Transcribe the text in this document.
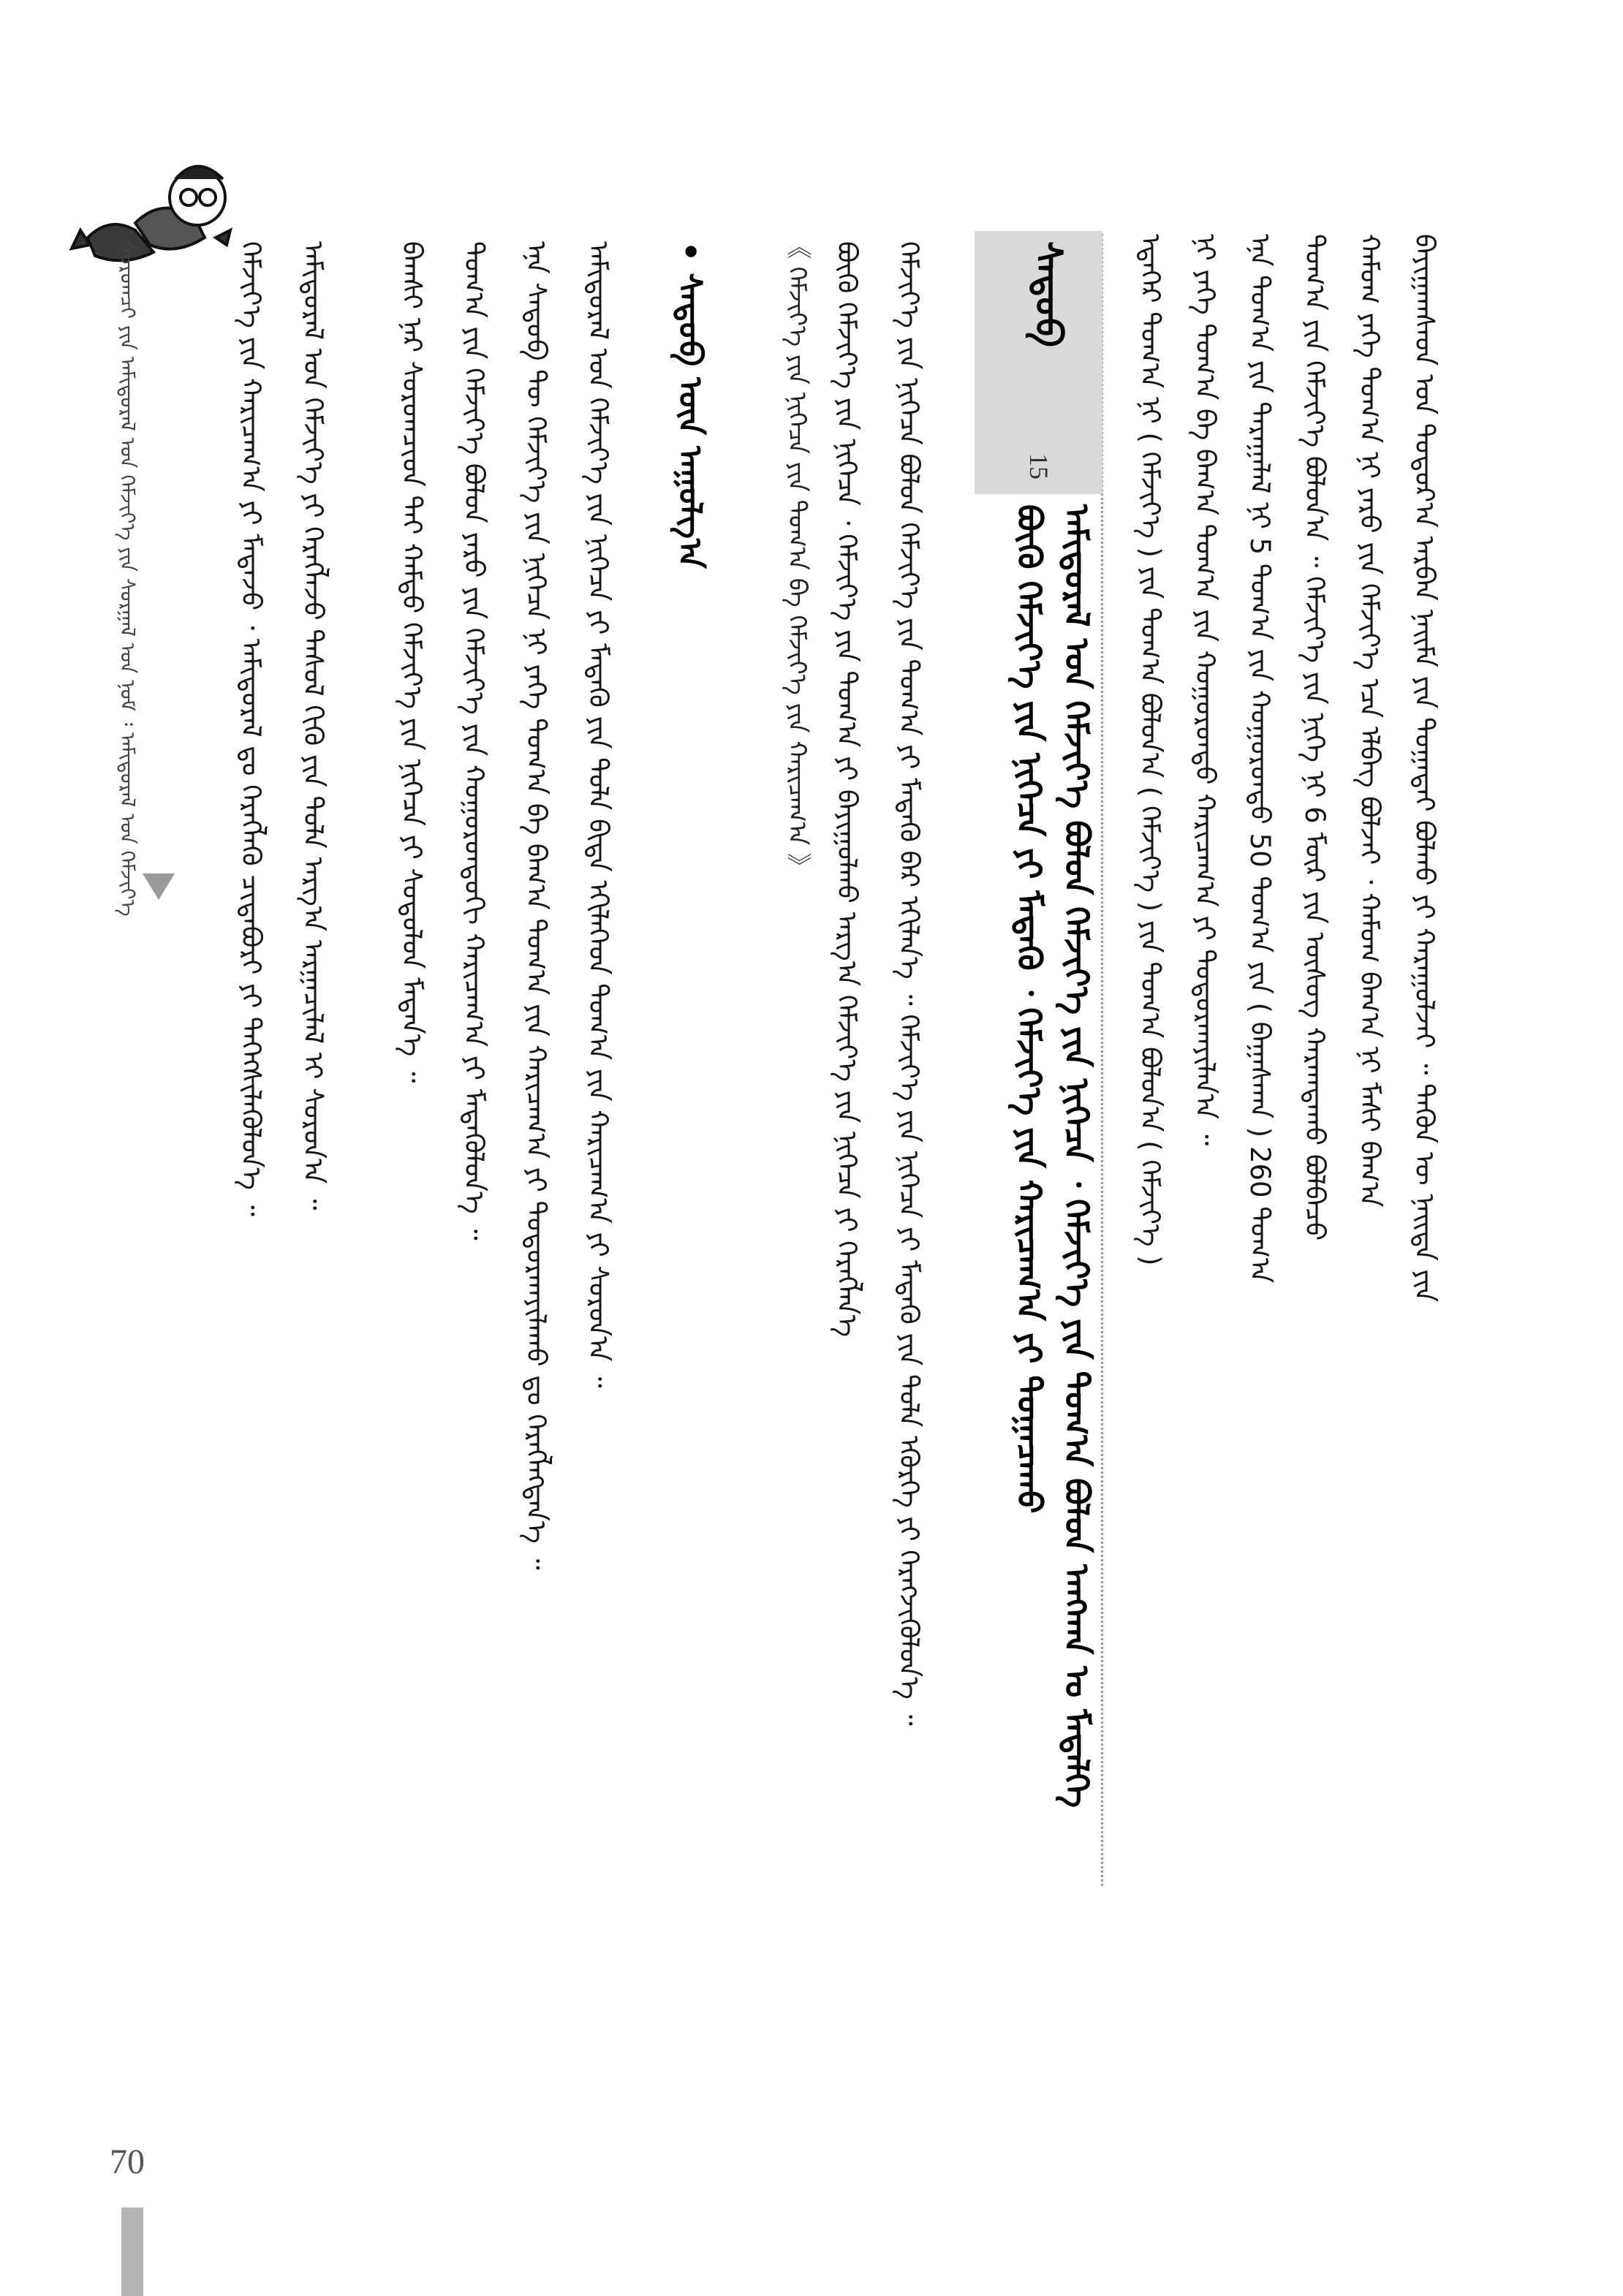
ᠪᠠᠶᠢᠭᠠᠭᠰᠠᠳ ᠤᠨ ᠳᠣᠲᠣᠷ᠎ᠠ ᠠᠷᠪᠠᠨ ᠨᠠᠢᠮᠠ ᠶᠢᠨ ᠲᠣᠭᠠᠲᠠᠢ ᠪᠣᠯᠬᠤ ᠶᠢ ᠬᠠᠷᠠᠭᠤᠯᠵᠠᠢ ᠃ ᠲᠡᠭᠦᠨ ᠦ ᠨᠡᠢᠲᠡ ᠶᠢᠨ
ᠬᠠᠮᠤᠭ ᠶᠡᠬᠡ ᠲᠣᠭ᠎ᠠ ᠨᠢ ᠶᠡᠷᠦ ᠶᠢᠨ ᠬᠡᠮᠵᠢᠶ᠎ᠡ ᠡᠴᠡ ᠡᠯᠪᠡᠭ ᠪᠣᠯᠵᠠᠢ ᠂ ᠬᠠᠮᠤᠭ ᠪᠠᠭ᠎ᠠ ᠨᠢ ᠮᠠᠰᠢ ᠪᠠᠭ᠎ᠠ
ᠲᠣᠭ᠎ᠠ ᠶᠢᠨ ᠬᠡᠮᠵᠢᠶ᠎ᠡ ᠪᠣᠯᠣᠨ᠎ᠠ ᠃ ᠬᠡᠮᠵᠢᠶ᠎ᠡ ᠶᠢᠨ ᠨᠢᠭᠡ ᠨᠢ 6 ᠮᠦᠷ ᠶᠢᠨ ᠦᠰᠦᠭ ᠬᠠᠷᠠᠭᠳᠠᠬᠤ ᠪᠣᠯᠪᠠᠴᠤ
ᠡᠨᠡ ᠲᠣᠭ᠎ᠠ ᠶᠢᠨ ᠳᠠᠷᠠᠭᠠᠯᠠᠯ ᠨᠢ 5 ᠲᠣᠭ᠎ᠠ ᠶᠢᠨ ᠬᠣᠭᠣᠷᠣᠨᠳᠣ 50 ᠲᠣᠭ᠎ᠠ ᠶᠢᠨ ( ᠪᠠᠭᠠᠰᠬᠠᠨ ) 260 ᠲᠣᠭ᠎ᠠ
ᠨᠢ ᠶᠡᠬᠡ ᠲᠣᠭ᠎ᠠ ᠪᠠ ᠪᠠᠭ᠎ᠠ ᠲᠣᠭ᠎ᠠ ᠶᠢᠨ ᠬᠣᠭᠣᠷᠣᠨᠳᠣ ᠬᠠᠷᠢᠴᠠᠭ᠎ᠠ ᠶᠢ ᠲᠣᠳᠣᠷᠬᠠᠶᠢᠯᠠᠨ᠎ᠠ ᠃
ᠡᠳᠡᠭᠡᠷ ᠲᠣᠭ᠎ᠠ ᠨᠢ ( ᠬᠡᠮᠵᠢᠶ᠎ᠡ ) ᠶᠢᠨ ᠲᠣᠭ᠎ᠠ ᠪᠣᠯᠣᠨ᠎ᠠ ( ᠬᠡᠮᠵᠢᠶ᠎ᠡ ) ᠶᠢᠨ ᠲᠣᠭ᠎ᠠ ᠪᠣᠯᠣᠨ᠎ᠠ ( ᠬᠡᠮᠵᠢᠶ᠎ᠡ )
ᠰᠡᠳᠦᠪ
15
ᠠᠮᠢᠳᠤᠷᠠᠯ ᠤᠨ ᠬᠡᠮᠵᠢᠶ᠎ᠡ ᠪᠣᠯᠣᠨ ᠬᠡᠮᠵᠢᠶ᠎ᠡ ᠶᠢᠨ ᠨᠢᠭᠡᠴᠡ ᠂ ᠬᠡᠮᠵᠢᠶ᠎ᠡ ᠶᠢᠨ ᠲᠣᠭ᠎ᠠ ᠪᠣᠯᠣᠨ ᠠᠨᠭᠬᠠᠨ ᠤ ᠮᠡᠳᠡᠯᠭᠡ
ᠪᠦᠬᠦ ᠬᠡᠮᠵᠢᠶ᠎ᠡ ᠶᠢᠨ ᠨᠢᠭᠡᠴᠡ ᠶᠢ ᠮᠡᠳᠡᠬᠦ ᠂ ᠬᠡᠮᠵᠢᠶ᠎ᠡ ᠶᠢᠨ ᠬᠠᠷᠢᠴᠠᠭ᠎ᠠ ᠶᠢ ᠲᠣᠭᠠᠴᠠᠬᠤ
ᠬᠡᠮᠵᠢᠶ᠎ᠡ ᠶᠢᠨ ᠨᠢᠭᠡᠴᠡ ᠪᠣᠯᠣᠨ ᠬᠡᠮᠵᠢᠶ᠎ᠡ ᠶᠢᠨ ᠲᠣᠭ᠎ᠠ ᠶᠢ ᠮᠡᠳᠡᠬᠦ ᠪᠡᠷ ᠡᠬᠢᠯᠡᠨ᠎ᠡ ᠃ ᠬᠡᠮᠵᠢᠶ᠎ᠡ ᠶᠢᠨ ᠨᠢᠭᠡᠴᠡ ᠶᠢ ᠮᠡᠳᠡᠬᠦ ᠶᠢᠨ ᠲᠤᠯᠠ ᠡᠭᠦᠷᠭᠡ ᠶᠢ ᠬᠡᠷᠡᠭᠵᠢᠭᠦᠯᠦᠨ᠎ᠡ ᠃
ᠪᠦᠬᠦ ᠬᠡᠮᠵᠢᠶ᠎ᠡ ᠶᠢᠨ ᠨᠢᠭᠡᠴᠡ ᠂ ᠬᠡᠮᠵᠢᠶ᠎ᠡ ᠶᠢᠨ ᠲᠣᠭ᠎ᠠ ᠶᠢ ᠪᠠᠶᠢᠭᠤᠯᠬᠤ ᠠᠷᠭ᠎ᠠ ᠬᠡᠮᠵᠢᠶ᠎ᠡ ᠶᠢᠨ ᠨᠢᠭᠡᠴᠡ ᠶᠢ ᠬᠡᠷᠡᠭᠯᠡᠨ᠎ᠡ
《 ᠬᠡᠮᠵᠢᠶ᠎ᠡ ᠶᠢᠨ ᠨᠢᠭᠡᠴᠡ ᠶᠢᠨ ᠲᠣᠭ᠎ᠠ ᠪᠠ ᠬᠡᠮᠵᠢᠶ᠎ᠡ ᠶᠢᠨ ᠬᠠᠷᠢᠴᠠᠭ᠎ᠠ 》
• ᠰᠡᠳᠦᠪ ᠦᠨ ᠠᠭᠤᠯᠭ᠎ᠠ
ᠠᠮᠢᠳᠤᠷᠠᠯ ᠤᠨ ᠬᠡᠮᠵᠢᠶ᠎ᠡ ᠶᠢᠨ ᠨᠢᠭᠡᠴᠡ ᠶᠢ ᠮᠡᠳᠡᠬᠦ ᠶᠢᠨ ᠲᠤᠯᠠ ᠪᠢᠳᠡ ᠡᠬᠢᠯᠡᠭᠡᠳ ᠲᠣᠭ᠎ᠠ ᠶᠢᠨ ᠬᠠᠷᠢᠴᠠᠭ᠎ᠠ ᠶᠢ ᠰᠤᠷᠤᠨ᠎ᠠ ᠃
ᠡᠨᠡ ᠰᠡᠳᠦᠪ ᠲᠦ ᠬᠡᠮᠵᠢᠶ᠎ᠡ ᠶᠢᠨ ᠨᠢᠭᠡᠴᠡ ᠨᠢ ᠶᠡᠬᠡ ᠲᠣᠭ᠎ᠠ ᠪᠠ ᠪᠠᠭ᠎ᠠ ᠲᠣᠭ᠎ᠠ ᠶᠢᠨ ᠬᠠᠷᠢᠴᠠᠭ᠎ᠠ ᠶᠢ ᠲᠣᠳᠣᠷᠬᠠᠶᠢᠯᠠᠬᠤ ᠳᠤ ᠬᠡᠷᠡᠭᠯᠡᠭᠳᠡᠨ᠎ᠡ ᠃
ᠲᠣᠭ᠎ᠠ ᠶᠢᠨ ᠬᠡᠮᠵᠢᠶ᠎ᠡ ᠪᠣᠯᠣᠨ ᠶᠡᠷᠦ ᠶᠢᠨ ᠬᠡᠮᠵᠢᠶ᠎ᠡ ᠶᠢᠨ ᠬᠣᠭᠣᠷᠣᠨᠳᠣᠬᠢ ᠬᠠᠷᠢᠴᠠᠭ᠎ᠠ ᠶᠢ ᠮᠡᠳᠡᠭᠦᠯᠦᠨ᠎ᠡ ᠃
ᠪᠠᠭᠰᠢ ᠨᠠᠷ ᠰᠤᠷᠤᠭᠴᠢᠳ ᠲᠠᠢ ᠬᠠᠮᠲᠤ ᠬᠡᠮᠵᠢᠶ᠎ᠡ ᠶᠢᠨ ᠨᠢᠭᠡᠴᠡ ᠶᠢ ᠰᠣᠳᠤᠯᠤᠨ ᠮᠡᠳᠡᠨ᠎ᠡ ᠃
ᠠᠮᠢᠳᠤᠷᠠᠯ ᠤᠨ ᠬᠡᠮᠵᠢᠶ᠎ᠡ ᠶᠢ ᠬᠡᠷᠡᠭᠯᠡᠵᠦ ᠳᠠᠰᠤᠯ ᠬᠢᠬᠦ ᠶᠢᠨ ᠲᠤᠯᠠ ᠠᠷᠭ᠎ᠠ ᠠᠷᠭᠠᠴᠢᠯᠠᠯ ᠢ ᠰᠤᠷᠤᠨ᠎ᠠ ᠃
ᠬᠡᠮᠵᠢᠶ᠎ᠡ ᠶᠢᠨ ᠬᠠᠷᠢᠴᠠᠭ᠎ᠠ ᠶᠢ ᠮᠡᠳᠡᠵᠦ ᠂ ᠠᠮᠢᠳᠤᠷᠠᠯ ᠳᠤ ᠬᠡᠷᠡᠭᠯᠡᠬᠦ ᠴᠢᠳᠠᠪᠤᠷᠢ ᠶᠢ ᠳᠡᠭᠡᠭᠰᠢᠯᠡᠭᠦᠯᠦᠨ᠎ᠡ ᠃
ᠰᠤᠷᠤᠭᠴᠢ ᠶᠢᠨ ᠠᠮᠢᠳᠤᠷᠠᠯ ᠤᠨ ᠬᠡᠮᠵᠢᠶ᠎ᠡ ᠶᠢᠨ ᠰᠤᠷᠭᠠᠯ ᠤᠨ ᠨᠣᠮ ᠄ ᠠᠮᠢᠳᠤᠷᠠᠯ ᠤᠨ ᠬᠡᠮᠵᠢᠶ᠎ᠡ
70
